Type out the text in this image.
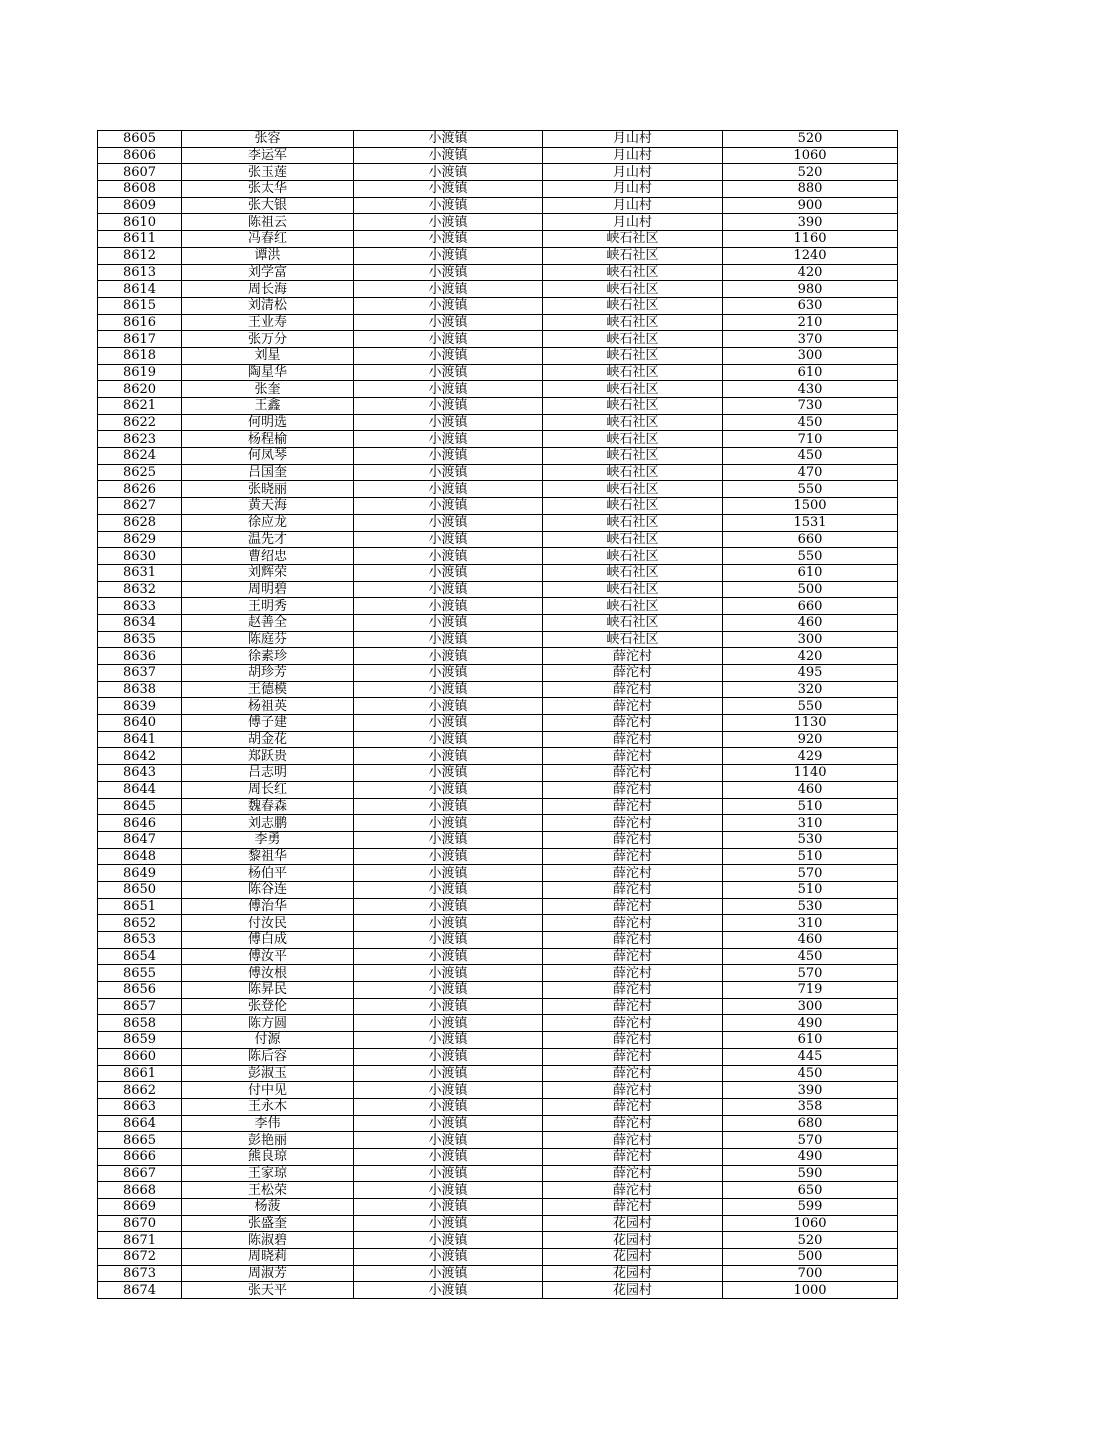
8605	张容	小渡镇	月山村	520
8606	李运军	小渡镇	月山村	1060
8607	张玉莲	小渡镇	月山村	520
8608	张太华	小渡镇	月山村	880
8609	张大银	小渡镇	月山村	900
8610	陈祖云	小渡镇	月山村	390
8611	冯春红	小渡镇	峡石社区	1160
8612	谭洪	小渡镇	峡石社区	1240
8613	刘学富	小渡镇	峡石社区	420
8614	周长海	小渡镇	峡石社区	980
8615	刘清松	小渡镇	峡石社区	630
8616	王业寿	小渡镇	峡石社区	210
8617	张万分	小渡镇	峡石社区	370
8618	刘星	小渡镇	峡石社区	300
8619	陶星华	小渡镇	峡石社区	610
8620	张奎	小渡镇	峡石社区	430
8621	王鑫	小渡镇	峡石社区	730
8622	何明选	小渡镇	峡石社区	450
8623	杨程榆	小渡镇	峡石社区	710
8624	何凤琴	小渡镇	峡石社区	450
8625	吕国奎	小渡镇	峡石社区	470
8626	张晓丽	小渡镇	峡石社区	550
8627	黄天海	小渡镇	峡石社区	1500
8628	徐应龙	小渡镇	峡石社区	1531
8629	温先才	小渡镇	峡石社区	660
8630	曹绍忠	小渡镇	峡石社区	550
8631	刘辉荣	小渡镇	峡石社区	610
8632	周明碧	小渡镇	峡石社区	500
8633	王明秀	小渡镇	峡石社区	660
8634	赵善全	小渡镇	峡石社区	460
8635	陈庭芬	小渡镇	峡石社区	300
8636	徐素珍	小渡镇	薛沱村	420
8637	胡珍芳	小渡镇	薛沱村	495
8638	王德模	小渡镇	薛沱村	320
8639	杨祖英	小渡镇	薛沱村	550
8640	傅子建	小渡镇	薛沱村	1130
8641	胡金花	小渡镇	薛沱村	920
8642	郑跃贵	小渡镇	薛沱村	429
8643	吕志明	小渡镇	薛沱村	1140
8644	周长红	小渡镇	薛沱村	460
8645	魏春森	小渡镇	薛沱村	510
8646	刘志鹏	小渡镇	薛沱村	310
8647	李勇	小渡镇	薛沱村	530
8648	黎祖华	小渡镇	薛沱村	510
8649	杨伯平	小渡镇	薛沱村	570
8650	陈谷连	小渡镇	薛沱村	510
8651	傅治华	小渡镇	薛沱村	530
8652	付汝民	小渡镇	薛沱村	310
8653	傅白成	小渡镇	薛沱村	460
8654	傅汝平	小渡镇	薛沱村	450
8655	傅汝根	小渡镇	薛沱村	570
8656	陈昇民	小渡镇	薛沱村	719
8657	张登伦	小渡镇	薛沱村	300
8658	陈方圆	小渡镇	薛沱村	490
8659	付源	小渡镇	薛沱村	610
8660	陈后容	小渡镇	薛沱村	445
8661	彭淑玉	小渡镇	薛沱村	450
8662	付中见	小渡镇	薛沱村	390
8663	王永木	小渡镇	薛沱村	358
8664	李伟	小渡镇	薛沱村	680
8665	彭艳丽	小渡镇	薛沱村	570
8666	熊良琼	小渡镇	薛沱村	490
8667	王家琼	小渡镇	薛沱村	590
8668	王松荣	小渡镇	薛沱村	650
8669	杨菠	小渡镇	薛沱村	599
8670	张盛奎	小渡镇	花园村	1060
8671	陈淑碧	小渡镇	花园村	520
8672	周晓莉	小渡镇	花园村	500
8673	周淑芳	小渡镇	花园村	700
8674	张天平	小渡镇	花园村	1000
